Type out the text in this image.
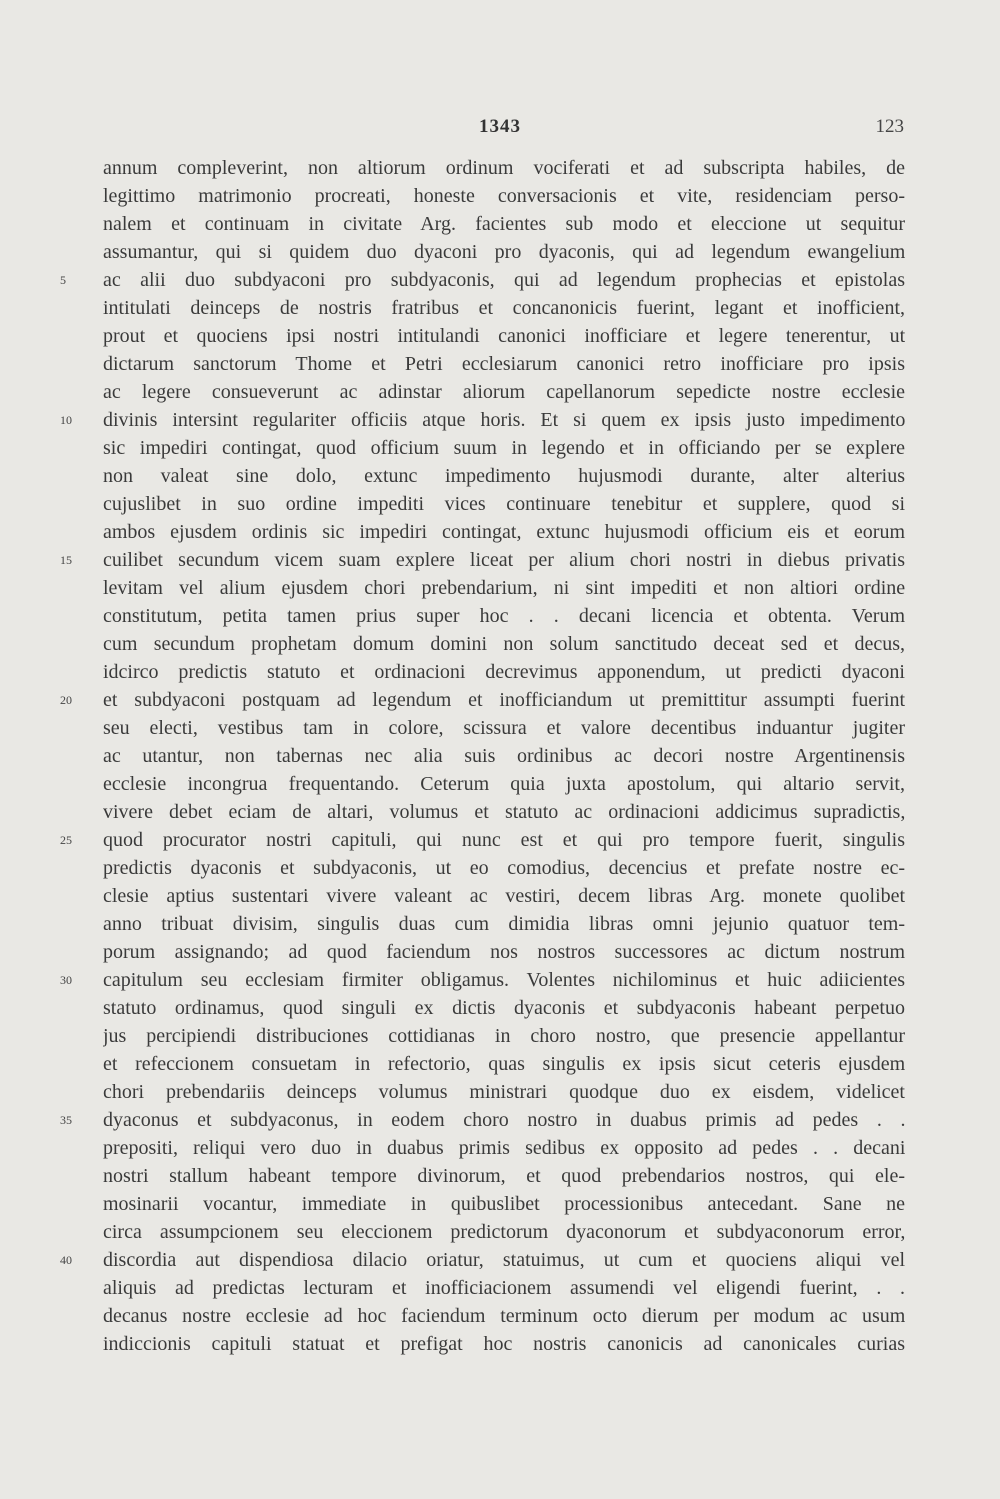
1343	123
annum compleverint, non altiorum ordinum vociferati et ad subscripta habiles, de
legittimo matrimonio procreati, honeste conversacionis et vite, residenciam perso-
nalem et continuam in civitate Arg. facientes sub modo et eleccione ut sequitur
assumantur, qui si quidem duo dyaconi pro dyaconis, qui ad legendum ewangelium
5	ac alii duo subdyaconi pro subdyaconis, qui ad legendum prophecias et epistolas
intitulati deinceps de nostris fratribus et concanonicis fuerint, legant et inofficient,
prout et quociens ipsi nostri intitulandi canonici inofficiare et legere tenerentur, ut
dictarum sanctorum Thome et Petri ecclesiarum canonici retro inofficiare pro ipsis
ac legere consueverunt ac adinstar aliorum capellanorum sepedicte nostre ecclesie
10	divinis intersint regulariter officiis atque horis. Et si quem ex ipsis justo impedimento
sic impediri contingat, quod officium suum in legendo et in officiando per se explere
non valeat sine dolo, extunc impedimento hujusmodi durante, alter alterius
cujuslibet in suo ordine impediti vices continuare tenebitur et supplere, quod si
ambos ejusdem ordinis sic impediri contingat, extunc hujusmodi officium eis et eorum
15	cuilibet secundum vicem suam explere liceat per alium chori nostri in diebus privatis
levitam vel alium ejusdem chori prebendarium, ni sint impediti et non altiori ordine
constitutum, petita tamen prius super hoc . . decani licencia et obtenta. Verum
cum secundum prophetam domum domini non solum sanctitudo deceat sed et decus,
idcirco predictis statuto et ordinacioni decrevimus apponendum, ut predicti dyaconi
20	et subdyaconi postquam ad legendum et inofficiandum ut premittitur assumpti fuerint
seu electi, vestibus tam in colore, scissura et valore decentibus induantur jugiter
ac utantur, non tabernas nec alia suis ordinibus ac decori nostre Argentinensis
ecclesie incongrua frequentando. Ceterum quia juxta apostolum, qui altario servit,
vivere debet eciam de altari, volumus et statuto ac ordinacioni addicimus supradictis,
25	quod procurator nostri capituli, qui nunc est et qui pro tempore fuerit, singulis
predictis dyaconis et subdyaconis, ut eo comodius, decencius et prefate nostre ec-
clesie aptius sustentari vivere valeant ac vestiri, decem libras Arg. monete quolibet
anno tribuat divisim, singulis duas cum dimidia libras omni jejunio quatuor tem-
porum assignando; ad quod faciendum nos nostros successores ac dictum nostrum
30	capitulum seu ecclesiam firmiter obligamus. Volentes nichilominus et huic adiicientes
statuto ordinamus, quod singuli ex dictis dyaconis et subdyaconis habeant perpetuo
jus percipiendi distribuciones cottidianas in choro nostro, que presencie appellantur
et refeccionem consuetam in refectorio, quas singulis ex ipsis sicut ceteris ejusdem
chori prebendariis deinceps volumus ministrari quodque duo ex eisdem, videlicet
35	dyaconus et subdyaconus, in eodem choro nostro in duabus primis ad pedes . .
prepositi, reliqui vero duo in duabus primis sedibus ex opposito ad pedes . . decani
nostri stallum habeant tempore divinorum, et quod prebendarios nostros, qui ele-
mosinarii vocantur, immediate in quibuslibet processionibus antecedant. Sane ne
circa assumpcionem seu eleccionem predictorum dyaconorum et subdyaconorum error,
40	discordia aut dispendiosa dilacio oriatur, statuimus, ut cum et quociens aliqui vel
aliquis ad predictas lecturam et inofficiacionem assumendi vel eligendi fuerint, . .
decanus nostre ecclesie ad hoc faciendum terminum octo dierum per modum ac usum
indiccionis capituli statuat et prefigat hoc nostris canonicis ad canonicales curias
